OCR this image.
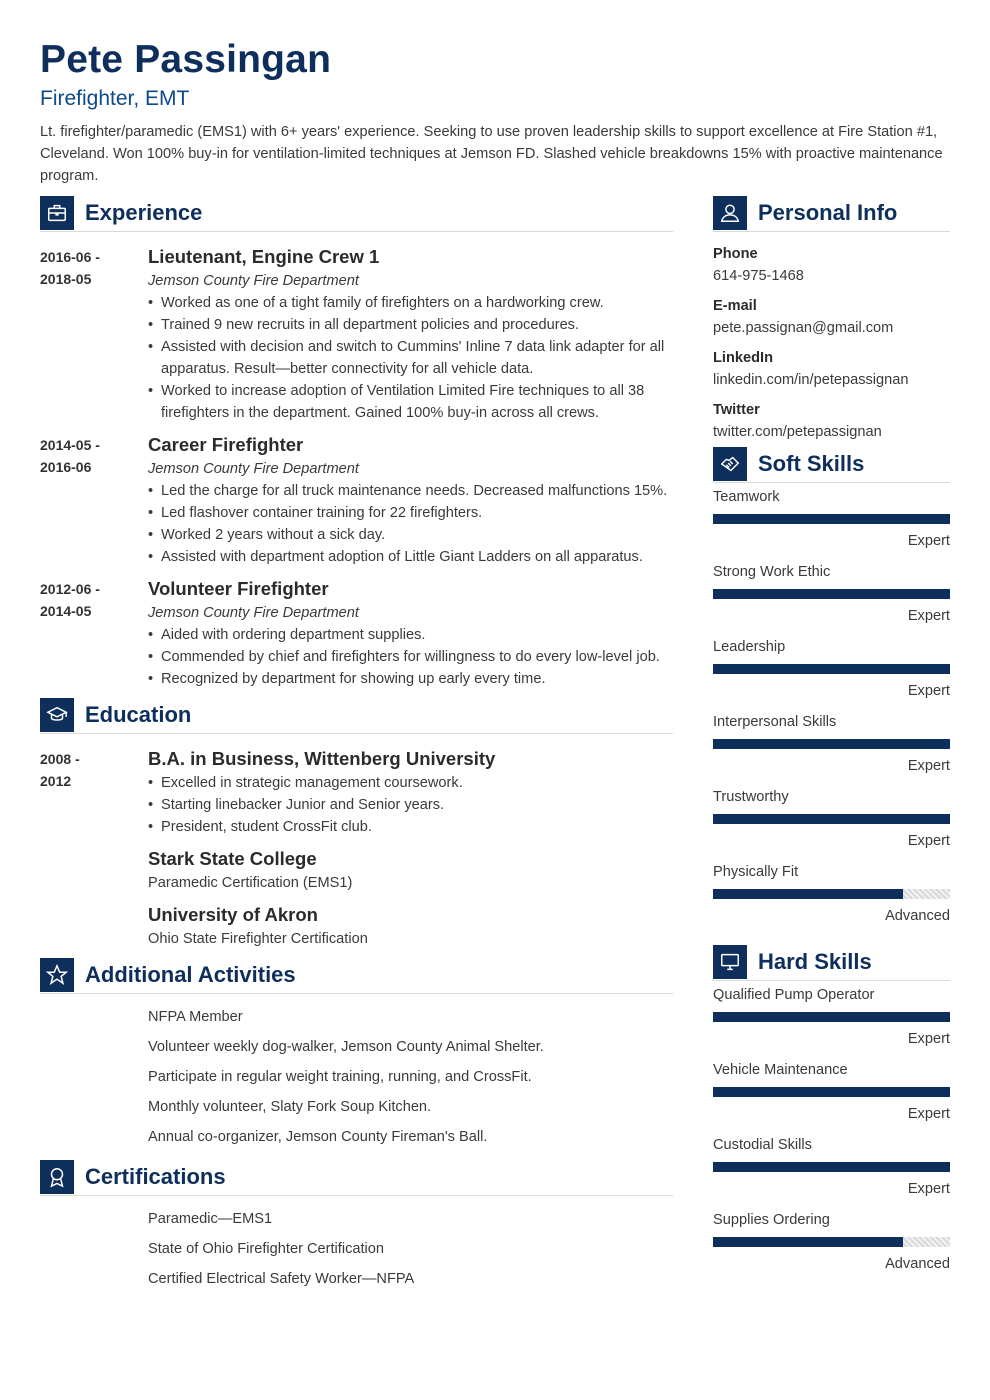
Pete Passingan
Firefighter, EMT
Lt. firefighter/paramedic (EMS1) with 6+ years' experience. Seeking to use proven leadership skills to support excellence at Fire Station #1, Cleveland. Won 100% buy-in for ventilation-limited techniques at Jemson FD. Slashed vehicle breakdowns 15% with proactive maintenance program.
Experience
2016-06 -
2018-05
Lieutenant, Engine Crew 1
Jemson County Fire Department
• Worked as one of a tight family of firefighters on a hardworking crew.
• Trained 9 new recruits in all department policies and procedures.
• Assisted with decision and switch to Cummins' Inline 7 data link adapter for all apparatus. Result—better connectivity for all vehicle data.
• Worked to increase adoption of Ventilation Limited Fire techniques to all 38 firefighters in the department. Gained 100% buy-in across all crews.
2014-05 -
2016-06
Career Firefighter
Jemson County Fire Department
• Led the charge for all truck maintenance needs. Decreased malfunctions 15%.
• Led flashover container training for 22 firefighters.
• Worked 2 years without a sick day.
• Assisted with department adoption of Little Giant Ladders on all apparatus.
2012-06 -
2014-05
Volunteer Firefighter
Jemson County Fire Department
• Aided with ordering department supplies.
• Commended by chief and firefighters for willingness to do every low-level job.
• Recognized by department for showing up early every time.
Education
2008 -
2012
B.A. in Business, Wittenberg University
• Excelled in strategic management coursework.
• Starting linebacker Junior and Senior years.
• President, student CrossFit club.
Stark State College
Paramedic Certification (EMS1)
University of Akron
Ohio State Firefighter Certification
Additional Activities
NFPA Member
Volunteer weekly dog-walker, Jemson County Animal Shelter.
Participate in regular weight training, running, and CrossFit.
Monthly volunteer, Slaty Fork Soup Kitchen.
Annual co-organizer, Jemson County Fireman's Ball.
Certifications
Paramedic—EMS1
State of Ohio Firefighter Certification
Certified Electrical Safety Worker—NFPA
Personal Info
Phone
614-975-1468
E-mail
pete.passignan@gmail.com
LinkedIn
linkedin.com/in/petepassignan
Twitter
twitter.com/petepassignan
Soft Skills
Teamwork
Expert
Strong Work Ethic
Expert
Leadership
Expert
Interpersonal Skills
Expert
Trustworthy
Expert
Physically Fit
Advanced
Hard Skills
Qualified Pump Operator
Expert
Vehicle Maintenance
Expert
Custodial Skills
Expert
Supplies Ordering
Advanced
